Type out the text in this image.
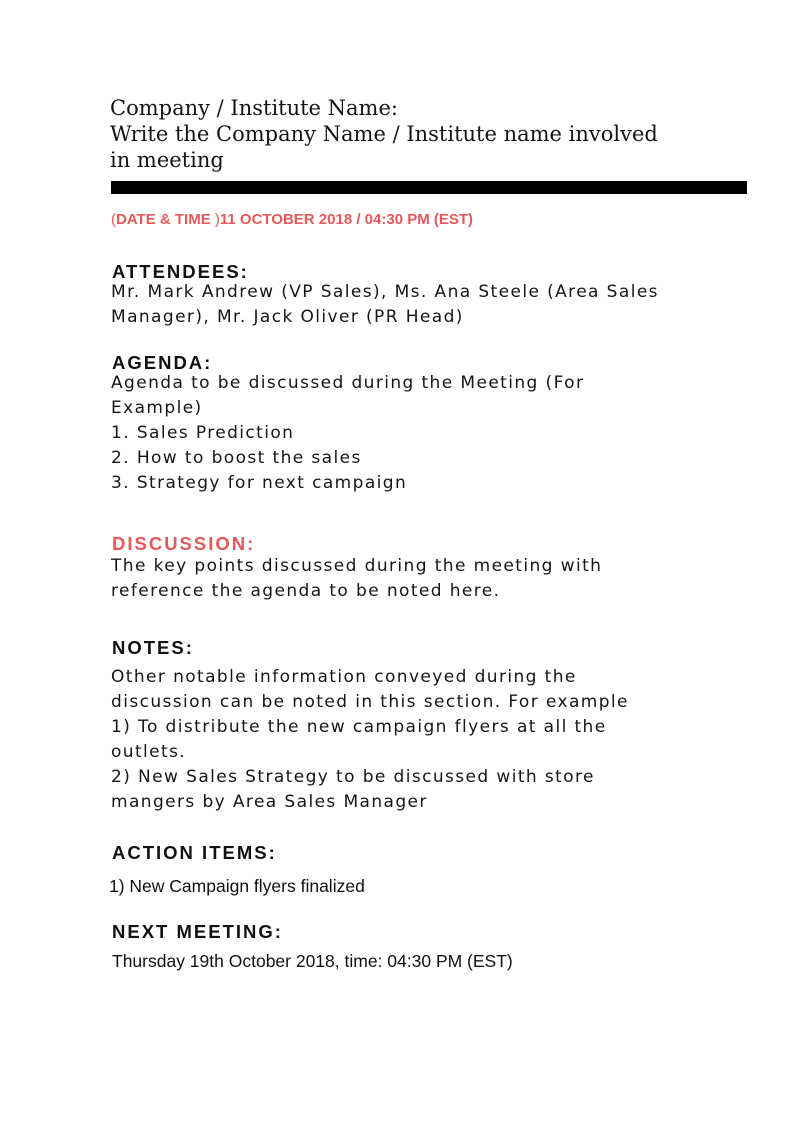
Company / Institute Name:
Write the Company Name / Institute name involved
in meeting
(DATE & TIME )11 OCTOBER 2018 / 04:30 PM (EST)
ATTENDEES:
Mr. Mark Andrew (VP Sales), Ms. Ana Steele (Area Sales
Manager), Mr. Jack Oliver (PR Head)
AGENDA:
Agenda to be discussed during the Meeting (For
Example)
1. Sales Prediction
2. How to boost the sales
3. Strategy for next campaign
DISCUSSION:
The key points discussed during the meeting with
reference the agenda to be noted here.
NOTES:
Other notable information conveyed during the
discussion can be noted in this section. For example
1) To distribute the new campaign flyers at all the
outlets.
2) New Sales Strategy to be discussed with store
mangers by Area Sales Manager
ACTION ITEMS:
1) New Campaign flyers finalized
NEXT MEETING:
Thursday 19th October 2018, time: 04:30 PM (EST)
